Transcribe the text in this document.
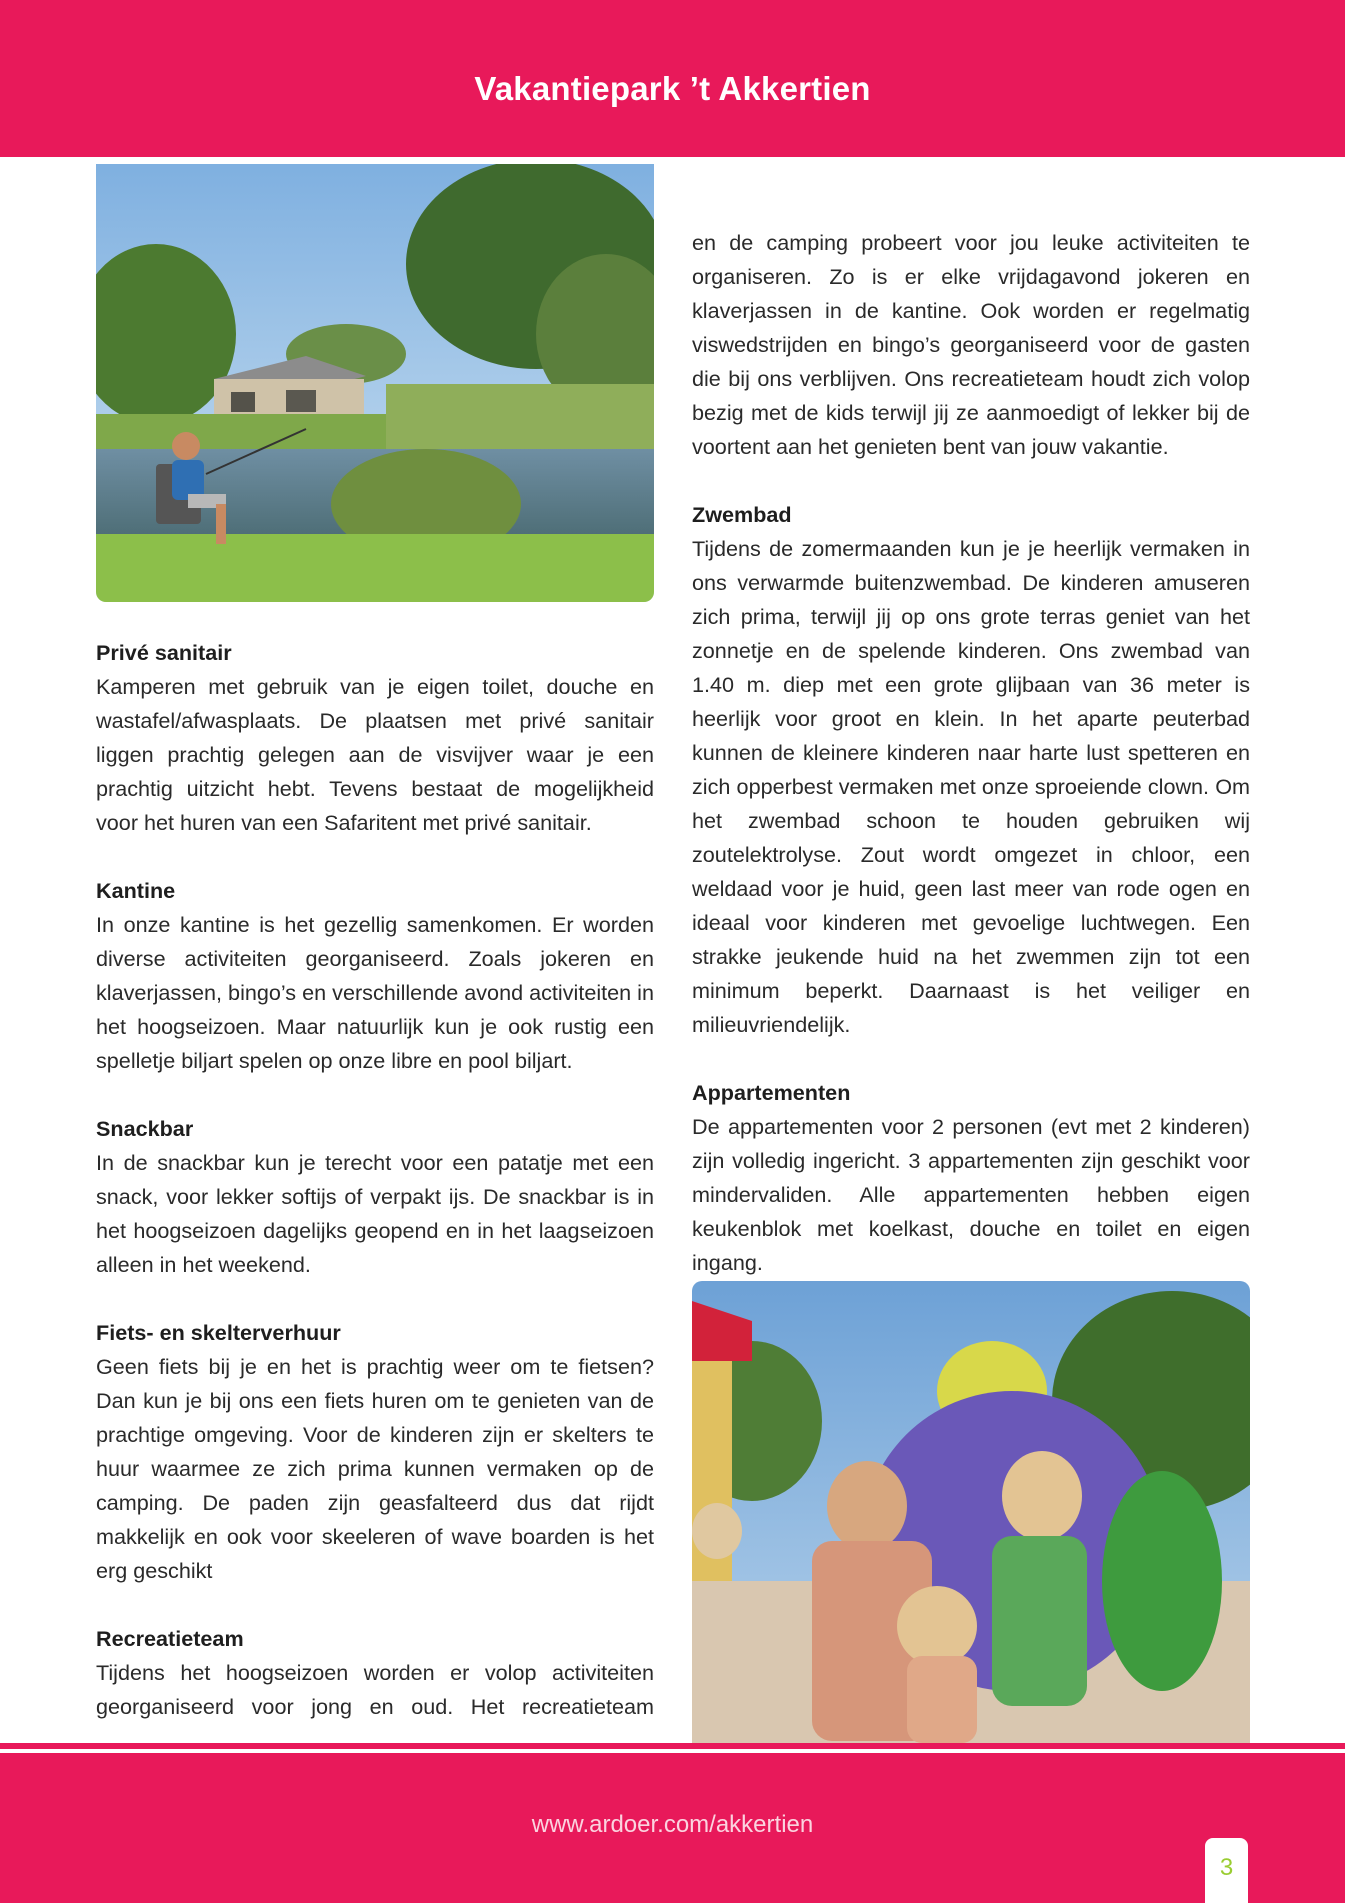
Vakantiepark ’t Akkertien
Privé sanitair

Kamperen met gebruik van je eigen toilet, douche en wastafel/afwasplaats. De plaatsen met privé sanitair liggen prachtig gelegen aan de visvijver waar je een prachtig uitzicht hebt. Tevens bestaat de mogelijkheid voor het huren van een Safaritent met privé sanitair.

Kantine

In onze kantine is het gezellig samenkomen. Er worden diverse activiteiten georganiseerd. Zoals jokeren en klaverjassen, bingo’s en verschillende avond activiteiten in het hoogseizoen. Maar natuurlijk kun je ook rustig een spelletje biljart spelen op onze libre en pool biljart.

Snackbar

In de snackbar kun je terecht voor een patatje met een snack, voor lekker softijs of verpakt ijs. De snackbar is in het hoogseizoen dagelijks geopend en in het laagseizoen alleen in het weekend.

Fiets- en skelterverhuur

Geen fiets bij je en het is prachtig weer om te fietsen? Dan kun je bij ons een fiets huren om te genieten van de prachtige omgeving. Voor de kinderen zijn er skelters te huur waarmee ze zich prima kunnen vermaken op de camping. De paden zijn geasfalteerd dus dat rijdt makkelijk en ook voor skeeleren of wave boarden is het erg geschikt

Recreatieteam

Tijdens het hoogseizoen worden er volop activiteiten georganiseerd voor jong en oud. Het recreatieteam

en de camping probeert voor jou leuke activiteiten te organiseren. Zo is er elke vrijdagavond jokeren en klaverjassen in de kantine. Ook worden er regelmatig viswedstrijden en bingo’s georganiseerd voor de gasten die bij ons verblijven. Ons recreatieteam houdt zich volop bezig met de kids terwijl jij ze aanmoedigt of lekker bij de voortent aan het genieten bent van jouw vakantie.

Zwembad

Tijdens de zomermaanden kun je je heerlijk vermaken in ons verwarmde buitenzwembad. De kinderen amuseren zich prima, terwijl jij op ons grote terras geniet van het zonnetje en de spelende kinderen. Ons zwembad van 1.40 m. diep met een grote glijbaan van 36 meter is heerlijk voor groot en klein. In het aparte peuterbad kunnen de kleinere kinderen naar harte lust spetteren en zich opperbest vermaken met onze sproeiende clown. Om het zwembad schoon te houden gebruiken wij zoutelektrolyse. Zout wordt omgezet in chloor, een weldaad voor je huid, geen last meer van rode ogen en ideaal voor kinderen met gevoelige luchtwegen. Een strakke jeukende huid na het zwemmen zijn tot een minimum beperkt. Daarnaast is het veiliger en milieuvriendelijk.

Appartementen

De appartementen voor 2 personen (evt met 2 kinderen) zijn volledig ingericht. 3 appartementen zijn geschikt voor mindervaliden. Alle appartementen hebben eigen keukenblok met koelkast, douche en toilet en eigen ingang.

www.ardoer.com/akkertien
3
